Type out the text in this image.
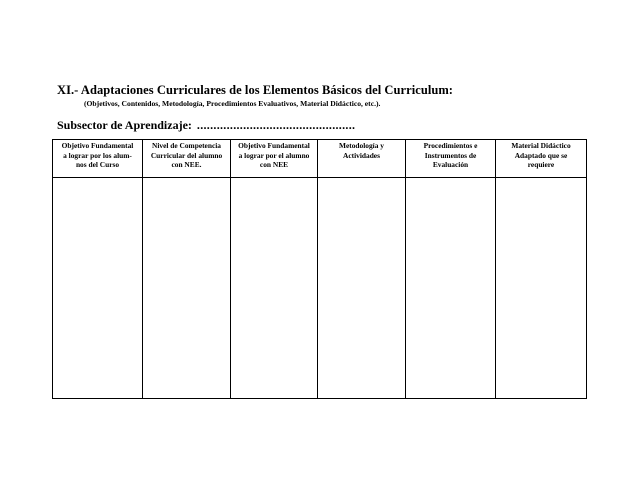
XI.- Adaptaciones Curriculares de los Elementos Básicos del Curriculum:
(Objetivos, Contenidos, Metodología, Procedimientos Evaluativos, Material Didáctico, etc.).
Subsector de Aprendizaje: ................................................
Objetivo Fundamental
a lograr por los alum-
nos del Curso	Nivel de Competencia
Curricular del alumno
con NEE.	Objetivo Fundamental
a lograr por el alumno
con NEE	Metodología y
Actividades	Procedimientos e
Instrumentos de
Evaluación	Material Didáctico
Adaptado que se
requiere
